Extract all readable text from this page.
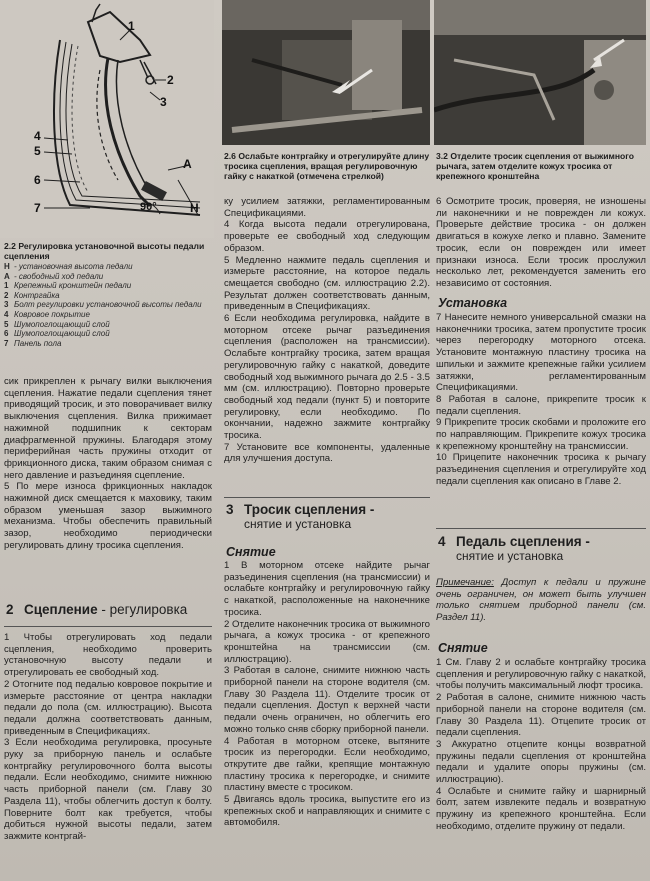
1
2
3
4
5
6
7
A
H
90°
2.2 Регулировка установочной высоты педали сцепления
H - установочная высота педали
A - свободный ход педали
1 Крепежный кронштейн педали
2 Контргайка
3 Болт регулировки установочной высоты педали
4 Ковровое покрытие
5 Шумопоглощающий слой
6 Шумопоглощающий слой
7 Панель пола

сик прикреплен к рычагу вилки выключения сцепления. Нажатие педали сцепления тянет приводящий тросик, и это поворачивает вилку выключения сцепления. Вилка прижимает нажимной подшипник к секторам диафрагменной пружины. Благодаря этому периферийная часть пружины отходит от фрикционного диска, таким образом снимая с него давление и разъединяя сцепление.

5 По мере износа фрикционных накладок нажимной диск смещается к маховику, таким образом уменьшая зазор выжимного механизма. Чтобы обеспечить правильный зазор, необходимо периодически регулировать длину тросика сцепления.

2 Сцепление - регулировка

1 Чтобы отрегулировать ход педали сцепления, необходимо проверить установочную высоту педали и отрегулировать ее свободный ход.

2 Отогните под педалью ковровое покрытие и измерьте расстояние от центра накладки педали до пола (см. иллюстрацию). Высота педали должна соответствовать данным, приведенным в Спецификациях.

3 Если необходима регулировка, просуньте руку за приборную панель и ослабьте контргайку регулировочного болта высоты педали. Если необходимо, снимите нижнюю часть приборной панели (см. Главу 30 Раздела 11), чтобы облегчить доступ к болту. Поверните болт как требуется, чтобы добиться нужной высоты педали, затем зажмите контргай-

2.6 Ослабьте контргайку и отрегулируйте длину тросика сцепления, вращая регулировочную гайку с накаткой (отмечена стрелкой)

ку усилием затяжки, регламентированным Спецификациями.

4 Когда высота педали отрегулирована, проверьте ее свободный ход следующим образом.

5 Медленно нажмите педаль сцепления и измерьте расстояние, на которое педаль смещается свободно (см. иллюстрацию 2.2). Результат должен соответствовать данным, приведенным в Спецификациях.

6 Если необходима регулировка, найдите в моторном отсеке рычаг разъединения сцепления (расположен на трансмиссии). Ослабьте контргайку тросика, затем вращая регулировочную гайку с накаткой, доведите свободный ход выжимного рычага до 2.5 - 3.5 мм (см. иллюстрацию). Повторно проверьте свободный ход педали (пункт 5) и повторите регулировку, если необходимо. По окончании, надежно зажмите контргайку тросика.

7 Установите все компоненты, удаленные для улучшения доступа.

3 Тросик сцепления -
снятие и установка
Снятие

1 В моторном отсеке найдите рычаг разъединения сцепления (на трансмиссии) и ослабьте контргайку и регулировочную гайку с накаткой, расположенные на наконечнике тросика.

2 Отделите наконечник тросика от выжимного рычага, а кожух тросика - от крепежного кронштейна на трансмиссии (см. иллюстрацию).

3 Работая в салоне, снимите нижнюю часть приборной панели на стороне водителя (см. Главу 30 Раздела 11). Отделите тросик от педали сцепления. Доступ к верхней части педали очень ограничен, но облегчить его можно только сняв сборку приборной панели.

4 Работая в моторном отсеке, вытяните тросик из перегородки. Если необходимо, открутите две гайки, крепящие монтажную пластину тросика к перегородке, и снимите пластину вместе с тросиком.

5 Двигаясь вдоль тросика, выпустите его из крепежных скоб и направляющих и снимите с автомобиля.

3.2 Отделите тросик сцепления от выжимного рычага, затем отделите кожух тросика от крепежного кронштейна

6 Осмотрите тросик, проверяя, не изношены ли наконечники и не поврежден ли кожух. Проверьте действие тросика - он должен двигаться в кожухе легко и плавно. Замените тросик, если он поврежден или имеет признаки износа. Если тросик прослужил несколько лет, рекомендуется заменить его независимо от состояния.

Установка

7 Нанесите немного универсальной смазки на наконечники тросика, затем пропустите тросик через перегородку моторного отсека. Установите монтажную пластину тросика на шпильки и зажмите крепежные гайки усилием затяжки, регламентированным Спецификациями.

8 Работая в салоне, прикрепите тросик к педали сцепления.

9 Прикрепите тросик скобами и проложите его по направляющим. Прикрепите кожух тросика к крепежному кронштейну на трансмиссии.

10 Прицепите наконечник тросика к рычагу разъединения сцепления и отрегулируйте ход педали сцепления как описано в Главе 2.

4 Педаль сцепления -
снятие и установка

Примечание: Доступ к педали и пружине очень ограничен, он может быть улучшен только снятием приборной панели (см. Раздел 11).

Снятие

1 См. Главу 2 и ослабьте контргайку тросика сцепления и регулировочную гайку с накаткой, чтобы получить максимальный люфт тросика.

2 Работая в салоне, снимите нижнюю часть приборной панели на стороне водителя (см. Главу 30 Раздела 11). Отцепите тросик от педали сцепления.

3 Аккуратно отцепите концы возвратной пружины педали сцепления от кронштейна педали и удалите опоры пружины (см. иллюстрацию).

4 Ослабьте и снимите гайку и шарнирный болт, затем извлеките педаль и возвратную пружину из крепежного кронштейна. Если необходимо, отделите пружину от педали.
